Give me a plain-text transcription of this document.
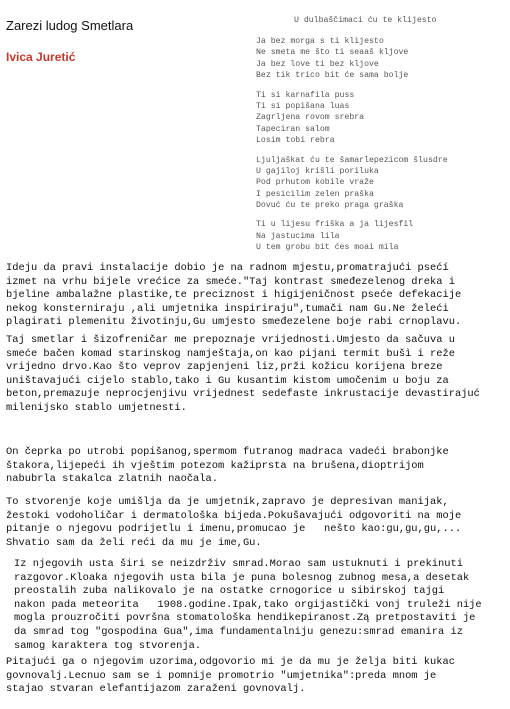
Zarezi ludog Smetlara
Ivica Juretić
U dulbaščimaci ću te klijesto
Ja bez morga s ti klijesto
Ne smeta me što ti seaaš kljove
Ja bez love ti bez kljove
Bez tik trico bit će sama bolje
Ti si karnafila puss
Ti si popišana luas
Zagrljena rovom srebra
Tapeciran salom
Losim tobi rebra
Ljuljaškat ću te šamarlepezicom šlusdre
U gajiloj krišli poriluka
Pod prhutom kobile vraže
I pesicilim zelen praška
Dovuć ću te preko praga graška
Ti u lijesu friška a ja lijesfil
Na jastucima lila
U tem grobu bit ćes moai mila
Ideju da pravi instalacije dobio je na radnom mjestu,promatrajući psećí
izmet na vrhu bijele vrećice za smeće."Taj kontrast smeđezelenog dreka i
bjeline ambalažne plastike,te preciznost i higijeničnost pseće defekacije
nekog konsterniraju ,ali umjetnika inspiriraju",tumači nam Gu.Ne želeći
plagirati plemenitu životinju,Gu umjesto smeđezelene boje rabi crnoplavu.
Taj smetlar i šizofreničar me prepoznaje vrijednosti.Umjesto da sačuva u
smeće bačen komad starinskog namještaja,on kao pijani termit bušì i reže
vrijedno drvo.Kao što veprov zapjenjeni liz,prži kožicu korijena breze
uništavajući cijelo stablo,tako i Gu kusantim kistom umočenim u boju za
beton,premazuje neprocjenjivu vrijednest sedefaste inkrustacije devastirajuć
milenijsko stablo umjetnesti.
On čeprka po utrobi popišanog,spermom futranog madraca vadeći brabonjke
štakora,lijepeći ih vještim potezom kažiprsta na brušena,dioptrijom
nabubrla stakalca zlatnih naočala.
To stvorenje koje umišlja da je umjetnik,zapravo je depresivan manijak,
žestoki vodoholičar i dermatološka bijeda.Pokušavajući odgovoriti na moje
pitanje o njegovu podrijetlu i imenu,promucao je   nešto kao:gu,gu,gu,...
Shvatio sam da želi reći da mu je ime,Gu.
Iz njegovih usta širi se neizdrživ smrad.Morao sam ustuknuti i prekinuti
razgovor.Kloaka njegovih usta bila je puna bolesnog zubnog mesa,a desetak
preostalih zuba nalikovalo je na ostatke crnogorice u sibirskoj tajgi
nakon pada meteorita   1908.godine.Ipak,tako orgijastički vonj truleži nije
mogla prouzročiti površna stomatološka hendikepiranost.Zą pretpostaviti je
da smrad tog "gospodina Gua",ima fundamentalniju genezu:smrad emanira iz
samog karaktera tog stvorenja.
Pitajući ga o njegovim uzorima,odgovorio mi je da mu je želja biti kukac
govnovalj.Lecnuo sam se i pomnije promotrio "umjetnika":preda mnom je
stajao stvaran elefantijazom zaraženi govnovalj.
